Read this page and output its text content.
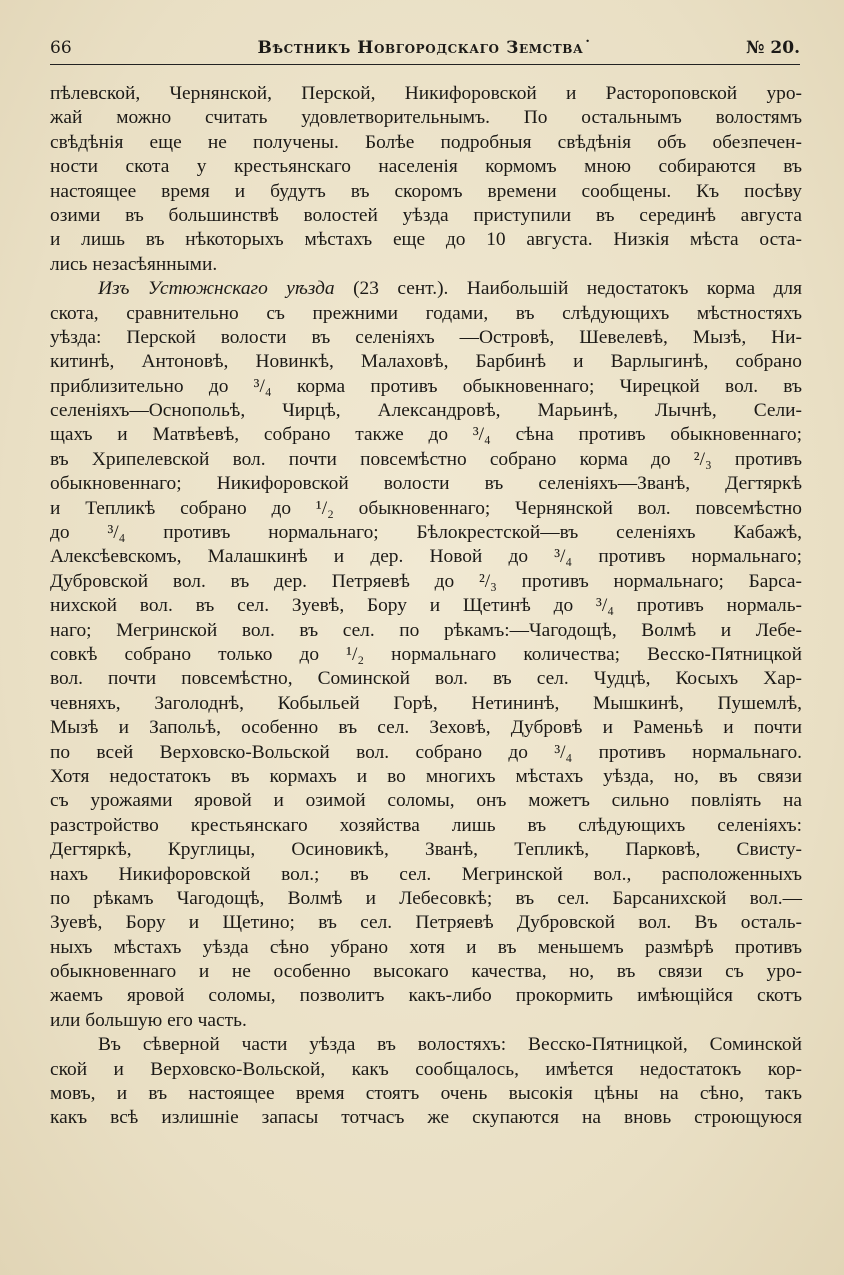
66	Вѣстникъ Новгородскаго Земства˙	№ 20.
пѣлевской, Чернянской, Перской, Никифоровской и Растороповской уро-
жай можно считать удовлетворительнымъ. По остальнымъ волостямъ
свѣдѣнія еще не получены. Болѣе подробныя свѣдѣнія объ обезпечен-
ности скота у крестьянскаго населенія кормомъ мною собираются въ
настоящее время и будутъ въ скоромъ времени сообщены. Къ посѣву
озими въ большинствѣ волостей уѣзда приступили въ серединѣ августа
и лишь въ нѣкоторыхъ мѣстахъ еще до 10 августа. Низкія мѣста оста-
лись незасѣянными.
Изъ Устюжнскаго уѣзда (23 сент.). Наибольшій недостатокъ корма для
скота, сравнительно съ прежними годами, въ слѣдующихъ мѣстностяхъ
уѣзда: Перской волости въ селеніяхъ —Островѣ, Шевелевѣ, Мызѣ, Ни-
китинѣ, Антоновѣ, Новинкѣ, Малаховѣ, Барбинѣ и Варлыгинѣ, собрано
приблизительно до ³/₄ корма противъ обыкновеннаго; Чирецкой вол. въ
селеніяхъ—Оснопольѣ, Чирцѣ, Александровѣ, Марьинѣ, Лычнѣ, Сели-
щахъ и Матвѣевѣ, собрано также до ³/₄ сѣна противъ обыкновеннаго;
въ Хрипелевской вол. почти повсемѣстно собрано корма до ²/₃ противъ
обыкновеннаго; Никифоровской волости въ селеніяхъ—Званѣ, Дегтяркѣ
и Тепликѣ собрано до ¹/₂ обыкновеннаго; Чернянской вол. повсемѣстно
до ³/₄ противъ нормальнаго; Бѣлокрестской—въ селеніяхъ Кабажѣ,
Алексѣевскомъ, Малашкинѣ и дер. Новой до ³/₄ противъ нормальнаго;
Дубровской вол. въ дер. Петряевѣ до ²/₃ противъ нормальнаго; Барса-
нихской вол. въ сел. Зуевѣ, Бору и Щетинѣ до ³/₄ противъ нормаль-
наго; Мегринской вол. въ сел. по рѣкамъ:—Чагодощѣ, Волмѣ и Лебе-
совкѣ собрано только до ¹/₂ нормальнаго количества; Весско-Пятницкой
вол. почти повсемѣстно, Соминской вол. въ сел. Чудцѣ, Косыхъ Хар-
чевняхъ, Заголоднѣ, Кобыльей Горѣ, Нетининѣ, Мышкинѣ, Пушемлѣ,
Мызѣ и Запольѣ, особенно въ сел. Зеховѣ, Дубровѣ и Раменьѣ и почти
по всей Верховско-Вольской вол. собрано до ³/₄ противъ нормальнаго.
Хотя недостатокъ въ кормахъ и во многихъ мѣстахъ уѣзда, но, въ связи
съ урожаями яровой и озимой соломы, онъ можетъ сильно повліять на
разстройство крестьянскаго хозяйства лишь въ слѣдующихъ селеніяхъ:
Дегтяркѣ, Круглицы, Осиновикѣ, Званѣ, Тепликѣ, Парковѣ, Свисту-
нахъ Никифоровской вол.; въ сел. Мегринской вол., расположенныхъ
по рѣкамъ Чагодощѣ, Волмѣ и Лебесовкѣ; въ сел. Барсанихской вол.—
Зуевѣ, Бору и Щетино; въ сел. Петряевѣ Дубровской вол. Въ осталь-
ныхъ мѣстахъ уѣзда сѣно убрано хотя и въ меньшемъ размѣрѣ противъ
обыкновеннаго и не особенно высокаго качества, но, въ связи съ уро-
жаемъ яровой соломы, позволитъ какъ-либо прокормить имѣющійся скотъ
или большую его часть.
Въ сѣверной части уѣзда въ волостяхъ: Весско-Пятницкой, Соминской
ской и Верховско-Вольской, какъ сообщалось, имѣется недостатокъ кор-
мовъ, и въ настоящее время стоятъ очень высокія цѣны на сѣно, такъ
какъ всѣ излишніе запасы тотчасъ же скупаются на вновь строющуюся
